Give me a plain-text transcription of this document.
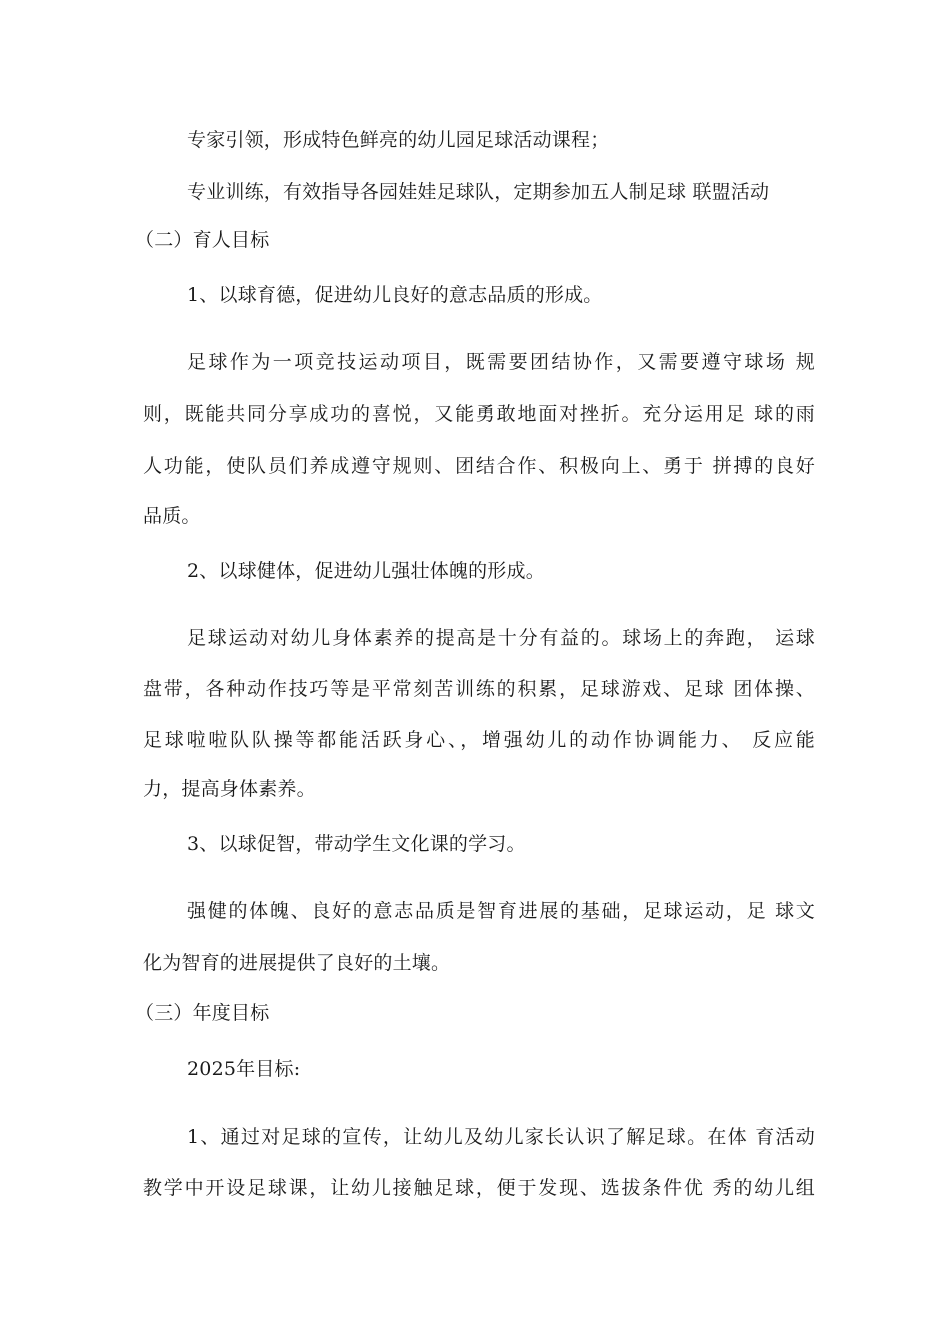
专家引领，形成特色鲜亮的幼儿园足球活动课程；

专业训练，有效指导各园娃娃足球队，定期参加五人制足球 联盟活动

（二）育人目标

1、以球育德，促进幼儿良好的意志品质的形成。

足球作为一项竞技运动项目，既需要团结协作，又需要遵守球场 规

则，既能共同分享成功的喜悦，又能勇敢地面对挫折。充分运用足 球的雨

人功能，使队员们养成遵守规则、团结合作、积极向上、勇于 拼搏的良好

品质。

2、以球健体，促进幼儿强壮体魄的形成。

足球运动对幼儿身体素养的提高是十分有益的。球场上的奔跑， 运球

盘带，各种动作技巧等是平常刻苦训练的积累，足球游戏、足球 团体操、

足球啦啦队队操等都能活跃身心、，增强幼儿的动作协调能力、 反应能

力，提高身体素养。

3、以球促智，带动学生文化课的学习。

强健的体魄、良好的意志品质是智育进展的基础，足球运动，足 球文

化为智育的进展提供了良好的土壤。

（三）年度目标

2025年目标:

1、通过对足球的宣传，让幼儿及幼儿家长认识了解足球。在体 育活动

教学中开设足球课，让幼儿接触足球，便于发现、选拔条件优 秀的幼儿组
